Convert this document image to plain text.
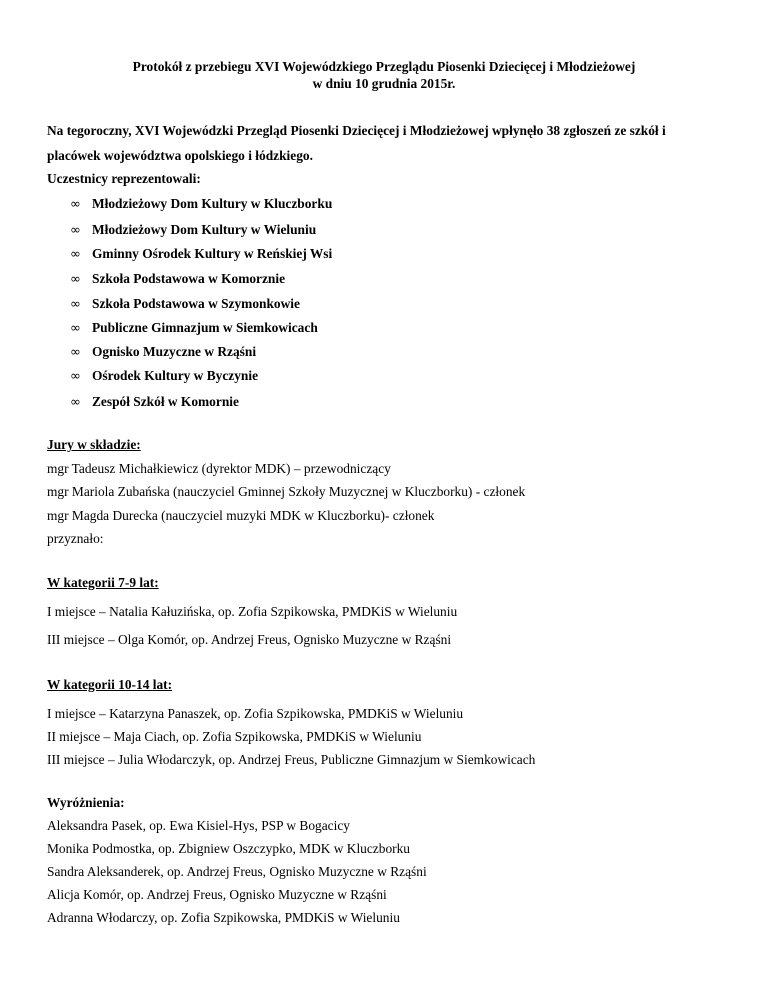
Protokół z przebiegu XVI Wojewódzkiego Przeglądu Piosenki Dziecięcej i Młodzieżowej
w dniu 10 grudnia 2015r.
Na tegoroczny, XVI Wojewódzki Przegląd Piosenki Dziecięcej i Młodzieżowej wpłynęło 38 zgłoszeń ze szkół i
placówek województwa opolskiego i łódzkiego.
Uczestnicy reprezentowali:
∞ Młodzieżowy Dom Kultury w Kluczborku
∞ Młodzieżowy Dom Kultury w Wieluniu
∞ Gminny Ośrodek Kultury w Reńskiej Wsi
∞ Szkoła Podstawowa w Komorznie
∞ Szkoła Podstawowa w Szymonkowie
∞ Publiczne Gimnazjum w Siemkowicach
∞ Ognisko Muzyczne w Rząśni
∞ Ośrodek Kultury w Byczynie
∞ Zespół Szkół w Komornie
Jury w składzie:
mgr Tadeusz Michałkiewicz (dyrektor MDK) – przewodniczący
mgr Mariola Zubańska (nauczyciel Gminnej Szkoły Muzycznej w Kluczborku) - członek
mgr Magda Durecka (nauczyciel muzyki MDK w Kluczborku)- członek
przyznało:
W kategorii 7-9 lat:
I miejsce – Natalia Kałuzińska, op. Zofia Szpikowska, PMDKiS w Wieluniu
III miejsce – Olga Komór, op. Andrzej Freus, Ognisko Muzyczne w Rząśni
W kategorii 10-14 lat:
I miejsce – Katarzyna Panaszek, op. Zofia Szpikowska, PMDKiS w Wieluniu
II miejsce – Maja Ciach, op. Zofia Szpikowska, PMDKiS w Wieluniu
III miejsce – Julia Włodarczyk, op. Andrzej Freus, Publiczne Gimnazjum w Siemkowicach
Wyróżnienia:
Aleksandra Pasek, op. Ewa Kisiel-Hys, PSP w Bogacicy
Monika Podmostka, op. Zbigniew Oszczypko, MDK w Kluczborku
Sandra Aleksanderek, op. Andrzej Freus, Ognisko Muzyczne w Rząśni
Alicja Komór, op. Andrzej Freus, Ognisko Muzyczne w Rząśni
Adranna Włodarczy, op. Zofia Szpikowska, PMDKiS w Wieluniu
